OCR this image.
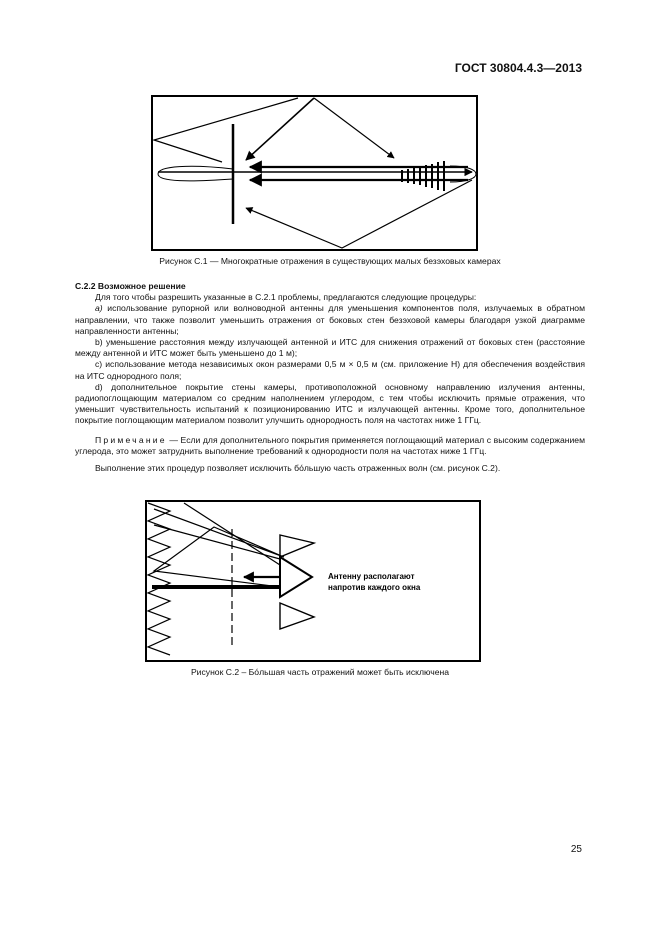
ГОСТ 30804.4.3—2013
Рисунок С.1 — Многократные отражения в существующих малых безэховых камерах

С.2.2 Возможное решение

Для того чтобы разрешить указанные в С.2.1 проблемы, предлагаются следующие процедуры:

a) использование рупорной или волноводной антенны для уменьшения компонентов поля, излучаемых в обратном направлении, что также позволит уменьшить отражения от боковых стен безэховой камеры благодаря узкой диаграмме направленности антенны;

b) уменьшение расстояния между излучающей антенной и ИТС для снижения отражений от боковых стен (расстояние между антенной и ИТС может быть уменьшено до 1 м);

c) использование метода независимых окон размерами 0,5 м × 0,5 м (см. приложение Н) для обеспечения воздействия на ИТС однородного поля;

d) дополнительное покрытие стены камеры, противоположной основному направлению излучения антенны, радиопоглощающим материалом со средним наполнением углеродом, с тем чтобы исключить прямые отражения, что уменьшит чувствительность испытаний к позиционированию ИТС и излучающей антенны. Кроме того, дополнительное покрытие поглощающим материалом позволит улучшить однородность поля на частотах ниже 1 ГГц.

Примечание — Если для дополнительного покрытия применяется поглощающий материал с высоким содержанием углерода, это может затруднить выполнение требований к однородности поля на частотах ниже 1 ГГц.

Выполнение этих процедур позволяет исключить бо́льшую часть отраженных волн (см. рисунок С.2).

Антенну располагают
напротив каждого окна
Рисунок С.2 – Бо́льшая часть отражений может быть исключена
25
